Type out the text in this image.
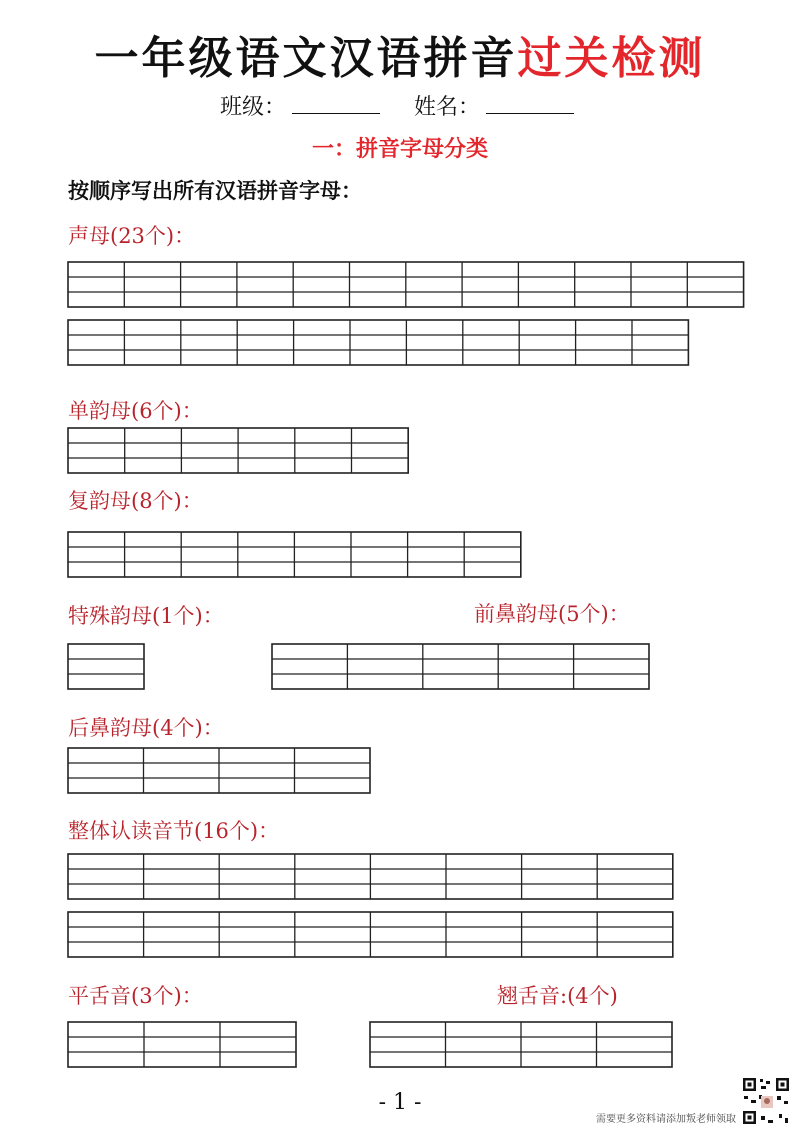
一年级语文汉语拼音过关检测
班级：	姓名：
一：拼音字母分类
按顺序写出所有汉语拼音字母：
声母(23个)：
单韵母(6个)：
复韵母(8个)：
特殊韵母(1个)：	前鼻韵母(5个)：
后鼻韵母(4个)：
整体认读音节(16个)：
平舌音(3个)：	翘舌音:(4个)
- 1 -
需要更多资料请添加叛老师领取
